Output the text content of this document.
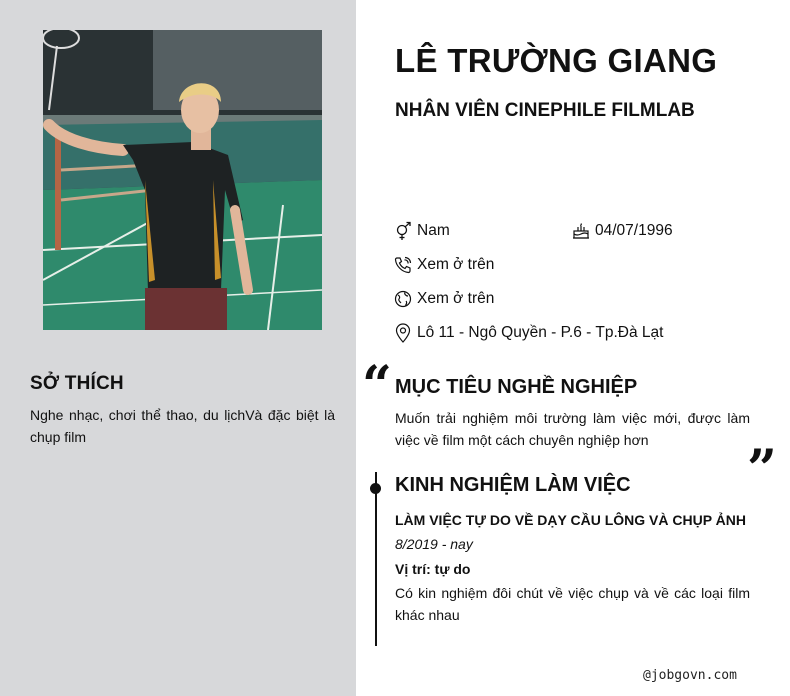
SỞ THÍCH
Nghe nhạc, chơi thể thao, du lịchVà đặc biệt là chụp film
LÊ TRƯỜNG GIANG
NHÂN VIÊN CINEPHILE FILMLAB
Nam	04/07/1996
Xem ở trên
Xem ở trên
Lô 11 - Ngô Quyền - P.6 - Tp.Đà Lạt
“ MỤC TIÊU NGHỀ NGHIỆP
Muốn trải nghiệm môi trường làm việc mới, được làm việc về film một cách chuyên nghiệp hơn	”
KINH NGHIỆM LÀM VIỆC
LÀM VIỆC TỰ DO VỀ DẠY CẦU LÔNG VÀ CHỤP ẢNH
8/2019 - nay
Vị trí: tự do
Có kin nghiệm đôi chút về việc chụp và về các loại film khác nhau
@jobgovn.com
